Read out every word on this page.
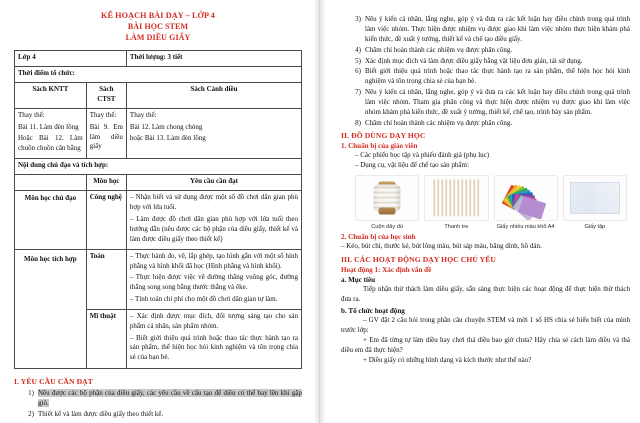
KẾ HOẠCH BÀI DẠY – LỚP 4
BÀI HỌC STEM
LÀM DIỀU GIẤY
Lớp 4		Thời lượng: 3 tiết
Thời điểm tổ chức:		
Sách KNTT	Sách CTST	Sách Cánh diều

Thay thế:
Bài 11. Làm đèn lồng
Hoặc Bài 12. Làm chuồn chuồn cân bằng

Thay thế:
Bài 9. Em làm diều giấy

Thay thế:
Bài 12. Làm chong chóng
hoặc Bài 13. Làm đèn lồng

Nội dung chủ đạo và tích hợp:		
	Môn học	Yêu cầu cần đạt

Môn học chủ đạo	Công nghệ	– Nhận biết và sử dụng được một số đồ chơi dân gian phù hợp với lứa tuổi.
– Làm được đồ chơi dân gian phù hợp với lứa tuổi theo hướng dẫn (nêu được các bộ phận của diều giấy, thiết kế và làm được diều giấy theo thiết kế)

Môn học tích hợp	Toán	– Thực hành đo, vẽ, lắp ghép, tạo hình gắn với một số hình phẳng và hình khối đã học (Hình phẳng và hình khối).
– Thực hiện được việc vẽ đường thẳng vuông góc, đường thẳng song song bằng thước thẳng và êke.
– Tính toán chi phí cho một đồ chơi dân gian tự làm.

	Mĩ thuật	– Xác định được mục đích, đối tượng sáng tạo cho sản phẩm cá nhân, sản phẩm nhóm.
– Biết giới thiệu quá trình hoặc thao tác thực hành tạo ra sản phẩm, thể hiện học hỏi kinh nghiệm và tôn trọng chia sẻ của bạn bè.
I. YÊU CẦU CẦN ĐẠT
1) Nêu được các bộ phận của diều giấy, các yêu cầu về cấu tạo để diều có thể bay lên khi gặp gió.
2) Thiết kế và làm được diều giấy theo thiết kế.
3) Nêu ý kiến cá nhân, lắng nghe, góp ý và đưa ra các kết luận hay điều chỉnh trong quá trình làm việc nhóm. Thực hiện được nhiệm vụ được giao khi làm việc nhóm thực hiện khám phá kiến thức, đề xuất ý tưởng, thiết kế và chế tạo diều giấy.
4) Chăm chỉ hoàn thành các nhiệm vụ được phân công.
5) Xác định mục đích và làm được diều giấy bằng vật liệu đơn giản, tái sử dụng.
6) Biết giới thiệu quá trình hoặc thao tác thực hành tạo ra sản phẩm, thể hiện học hỏi kinh nghiệm và tôn trọng chia sẻ của bạn bè.
7) Nêu ý kiến cá nhân, lắng nghe, góp ý và đưa ra các kết luận hay điều chỉnh trong quá trình làm việc nhóm. Tham gia phân công và thực hiện được nhiệm vụ được giao khi làm việc nhóm khám phá kiến thức, đề xuất ý tưởng, thiết kế, chế tạo, trình bày sản phẩm.
8) Chăm chỉ hoàn thành các nhiệm vụ được phân công.
II. ĐỒ DÙNG DẠY HỌC
1. Chuẩn bị của giáo viên
– Các phiếu học tập và phiếu đánh giá (phụ lục)
– Dụng cụ, vật liệu để chế tạo sản phẩm:
Cuộn dây dù	Thanh tre	Giấy nhiều màu khổ A4	Giấy tập
2. Chuẩn bị của học sinh
– Kéo, bút chì, thước kẻ, bút lông màu, bút sáp màu, băng dính, hồ dán.
III. CÁC HOẠT ĐỘNG DẠY HỌC CHỦ YẾU
Hoạt động 1: Xác định vấn đề
a. Mục tiêu
Tiếp nhận thử thách làm diều giấy, sẵn sàng thực hiện các hoạt động để thực hiện thử thách đưa ra.
b. Tổ chức hoạt động
– GV đặt 2 câu hỏi trong phần câu chuyện STEM và mời 1 số HS chia sẻ hiểu biết của mình trước lớp:
+ Em đã từng tự làm diều hay chơi thả diều bao giờ chưa? Hãy chia sẻ cách làm diều và thả diều em đã thực hiện?
+ Diều giấy có những hình dạng và kích thước như thế nào?
